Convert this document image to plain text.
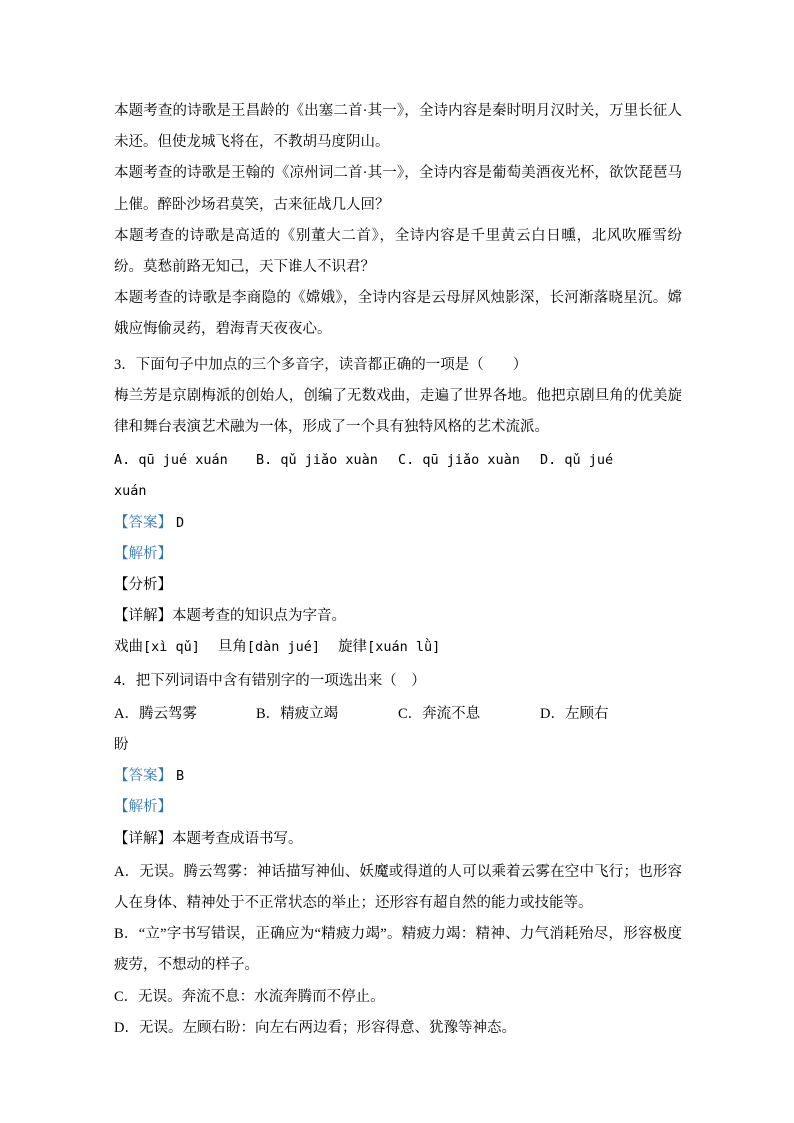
本题考查的诗歌是王昌龄的《出塞二首·其一》，全诗内容是秦时明月汉时关，万里长征人未还。但使龙城飞将在，不教胡马度阴山。

本题考查的诗歌是王翰的《凉州词二首·其一》，全诗内容是葡萄美酒夜光杯，欲饮琵琶马上催。醉卧沙场君莫笑，古来征战几人回？

本题考查的诗歌是高适的《别董大二首》，全诗内容是千里黄云白日曛，北风吹雁雪纷纷。莫愁前路无知己，天下谁人不识君？

本题考查的诗歌是李商隐的《嫦娥》，全诗内容是云母屏风烛影深，长河渐落晓星沉。嫦娥应悔偷灵药，碧海青天夜夜心。

3．下面句子中加点的三个多音字，读音都正确的一项是（　　）

梅兰芳是京剧梅派的创始人，创编了无数戏曲，走遍了世界各地。他把京剧旦角的优美旋律和舞台表演艺术融为一体，形成了一个具有独特风格的艺术流派。

A. qū jué xuán	B. qǔ jiǎo xuàn	C. qū jiǎo xuàn	D. qǔ jué

xuán

【答案】 D

【解析】

【分析】

【详解】本题考查的知识点为字音。

戏曲[xì qǔ] 旦角[dàn jué] 旋律[xuán lǜ]

4．把下列词语中含有错别字的一项选出来（　）

A．腾云驾雾	B．精疲立竭	C．奔流不息	D．左顾右

盼

【答案】 B

【解析】

【详解】本题考查成语书写。

A．无误。腾云驾雾：神话描写神仙、妖魔或得道的人可以乘着云雾在空中飞行；也形容人在身体、精神处于不正常状态的举止；还形容有超自然的能力或技能等。

B．“立”字书写错误，正确应为“精疲力竭”。精疲力竭：精神、力气消耗殆尽，形容极度疲劳，不想动的样子。

C．无误。奔流不息：水流奔腾而不停止。

D．无误。左顾右盼：向左右两边看；形容得意、犹豫等神态。
